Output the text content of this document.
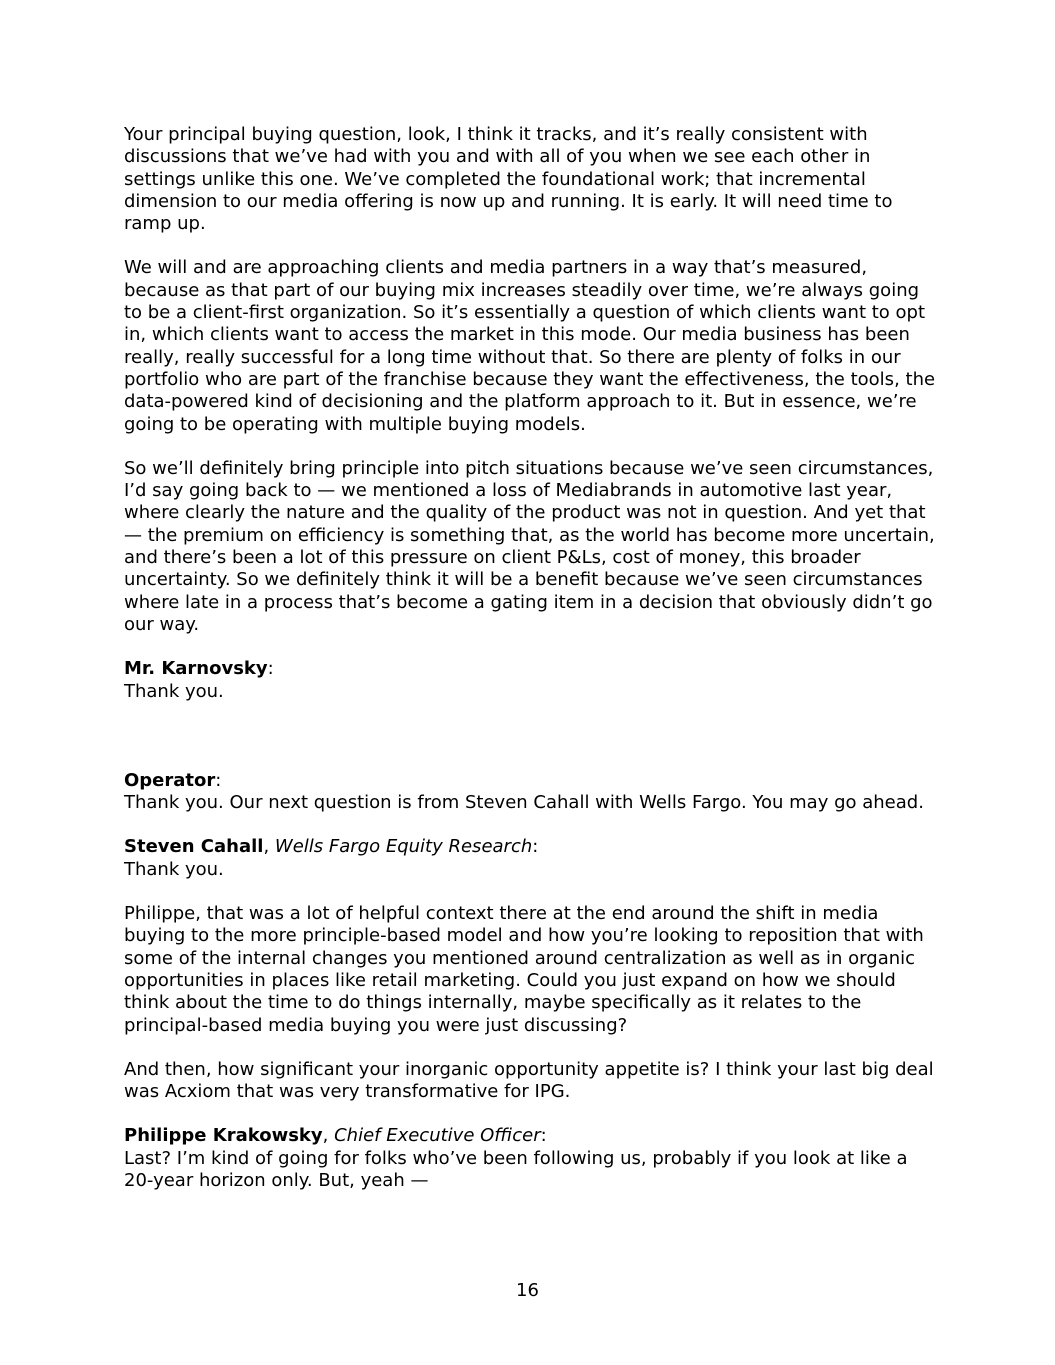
Your principal buying question, look, I think it tracks, and it’s really consistent with discussions that we’ve had with you and with all of you when we see each other in settings unlike this one. We’ve completed the foundational work; that incremental dimension to our media offering is now up and running. It is early. It will need time to ramp up.

We will and are approaching clients and media partners in a way that’s measured, because as that part of our buying mix increases steadily over time, we’re always going to be a client-first organization. So it’s essentially a question of which clients want to opt in, which clients want to access the market in this mode. Our media business has been really, really successful for a long time without that. So there are plenty of folks in our portfolio who are part of the franchise because they want the effectiveness, the tools, the data-powered kind of decisioning and the platform approach to it. But in essence, we’re going to be operating with multiple buying models.

So we’ll definitely bring principle into pitch situations because we’ve seen circumstances, I’d say going back to — we mentioned a loss of Mediabrands in automotive last year, where clearly the nature and the quality of the product was not in question. And yet that — the premium on efficiency is something that, as the world has become more uncertain, and there’s been a lot of this pressure on client P&Ls, cost of money, this broader uncertainty. So we definitely think it will be a benefit because we’ve seen circumstances where late in a process that’s become a gating item in a decision that obviously didn’t go our way.

Mr. Karnovsky:
Thank you.
Operator:
Thank you. Our next question is from Steven Cahall with Wells Fargo. You may go ahead.
Steven Cahall, Wells Fargo Equity Research:
Thank you.

Philippe, that was a lot of helpful context there at the end around the shift in media buying to the more principle-based model and how you’re looking to reposition that with some of the internal changes you mentioned around centralization as well as in organic opportunities in places like retail marketing. Could you just expand on how we should think about the time to do things internally, maybe specifically as it relates to the principal-based media buying you were just discussing?

And then, how significant your inorganic opportunity appetite is? I think your last big deal was Acxiom that was very transformative for IPG.

Philippe Krakowsky, Chief Executive Officer:
Last? I’m kind of going for folks who’ve been following us, probably if you look at like a 20-year horizon only. But, yeah —
16
